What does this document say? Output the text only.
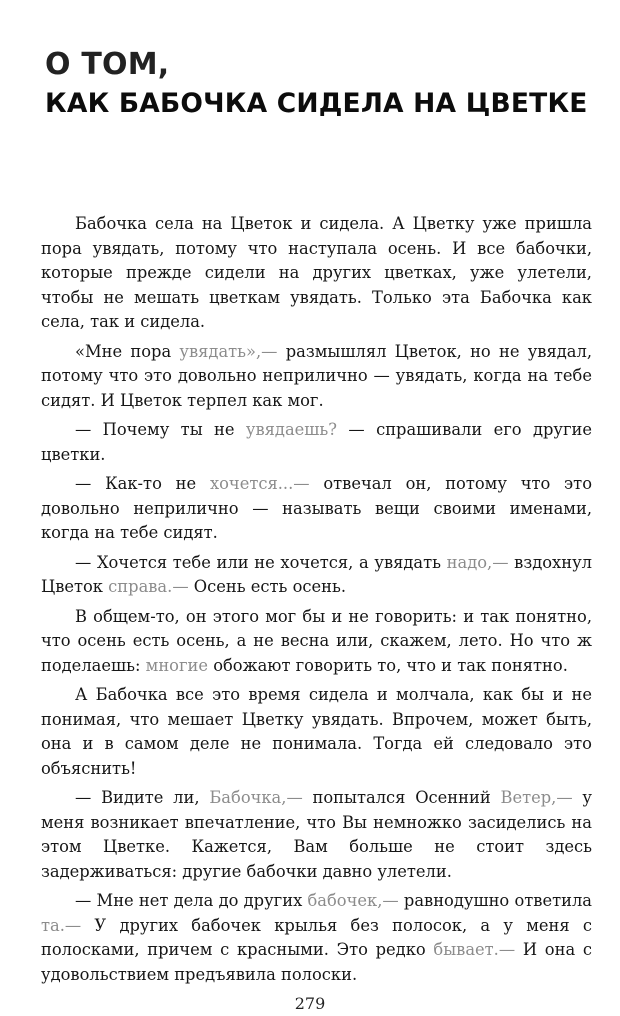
О ТОМ,
КАК БАБОЧКА СИДЕЛА НА ЦВЕТКЕ

Бабочка села на Цветок и сидела. А Цветку уже пришла пора увядать, потому что наступала осень. И все бабочки, которые прежде сидели на других цветках, уже улетели, чтобы не мешать цветкам увядать. Только эта Бабочка как села, так и сидела.

«Мне пора увядать»,— размышлял Цветок, но не увядал, потому что это довольно неприлично — увядать, когда на тебе сидят. И Цветок терпел как мог.

— Почему ты не увядаешь? — спрашивали его другие цветки.

— Как-то не хочется...— отвечал он, потому что это довольно неприлично — называть вещи своими именами, когда на тебе сидят.

— Хочется тебе или не хочется, а увядать надо,— вздохнул Цветок справа.— Осень есть осень.

В общем-то, он этого мог бы и не говорить: и так понятно, что осень есть осень, а не весна или, скажем, лето. Но что ж поделаешь: многие обожают говорить то, что и так понятно.

А Бабочка все это время сидела и молчала, как бы и не понимая, что мешает Цветку увядать. Впрочем, может быть, она и в самом деле не понимала. Тогда ей следовало это объяснить!

— Видите ли, Бабочка,— попытался Осенний Ветер,— у меня возникает впечатление, что Вы немножко засиделись на этом Цветке. Кажется, Вам больше не стоит здесь задерживаться: другие бабочки давно улетели.

— Мне нет дела до других бабочек,— равнодушно ответила та.— У других бабочек крылья без полосок, а у меня с полосками, причем с красными. Это редко бывает.— И она с удовольствием предъявила полоски.

279
